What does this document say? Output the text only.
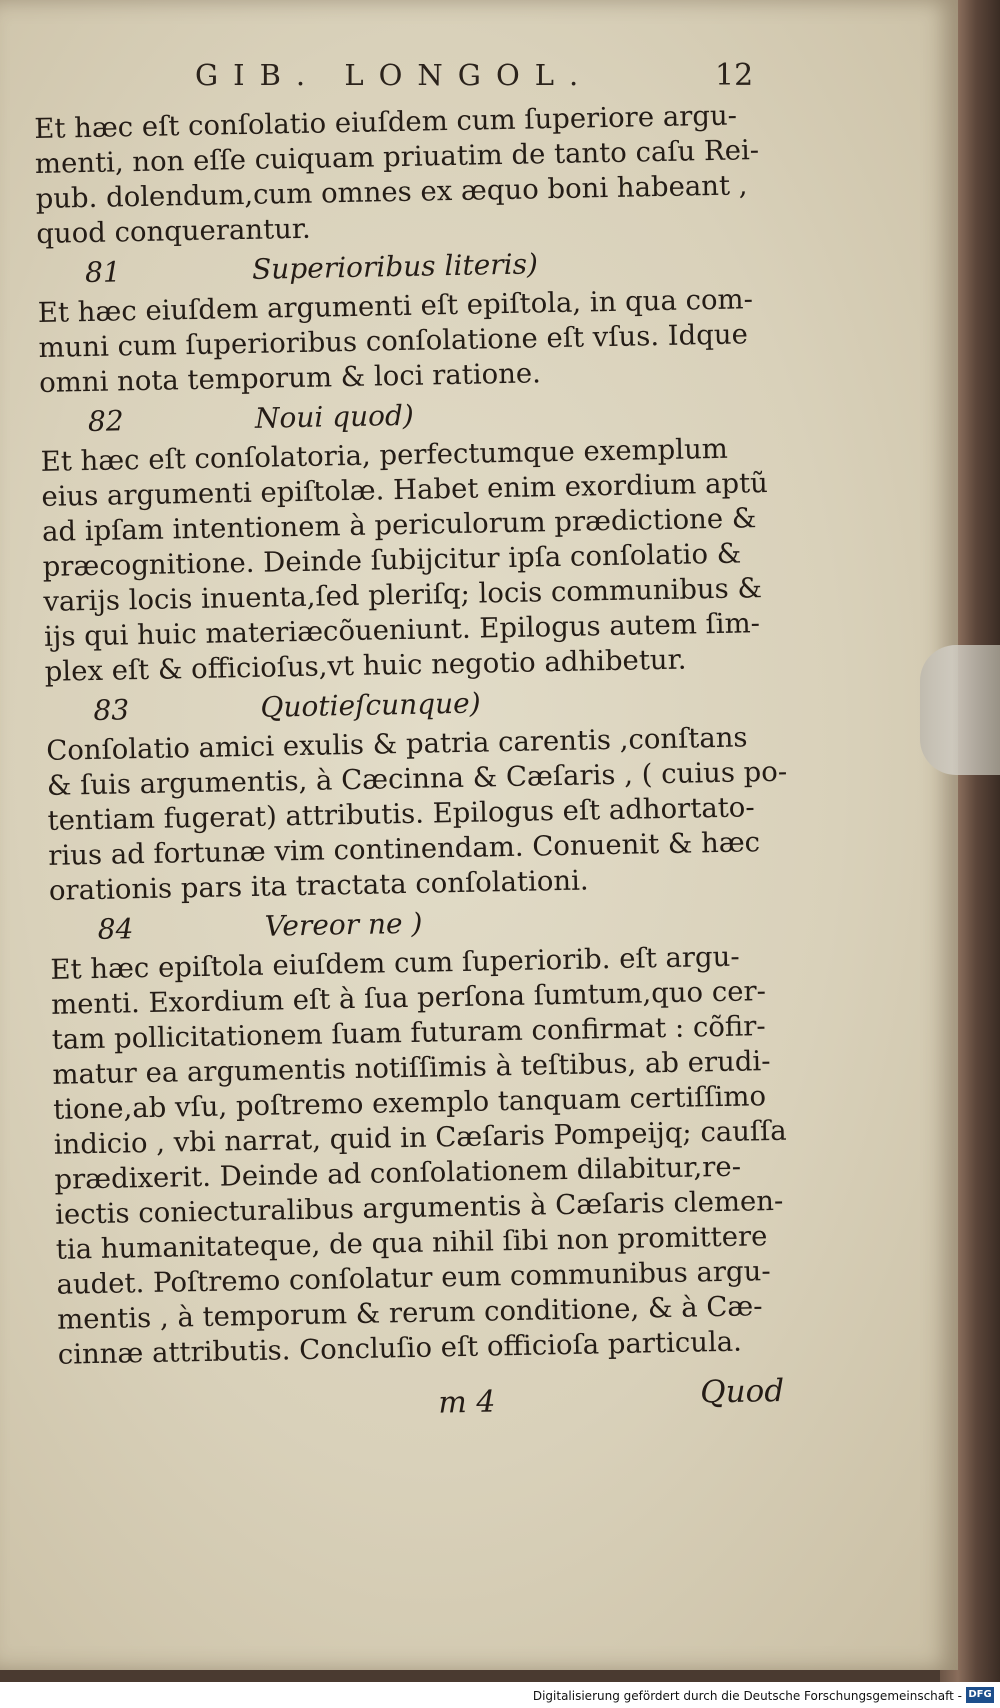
GIB. LONGOL.	12
Et hæc eſt conſolatio eiuſdem cum ſuperiore argu-
menti, non eſſe cuiquam priuatim de tanto caſu Rei-
pub. dolendum,cum omnes ex æquo boni habeant ,
quod conquerantur.
81	Superioribus literis)
Et hæc eiuſdem argumenti eſt epiſtola, in qua com-
muni cum ſuperioribus conſolatione eſt vſus. Idque
omni nota temporum & loci ratione.
82	Noui quod)
Et hæc eſt conſolatoria, perfectumque exemplum
eius argumenti epiſtolæ. Habet enim exordium aptũ
ad ipſam intentionem à periculorum prædictione &
præcognitione. Deinde ſubijcitur ipſa conſolatio &
varijs locis inuenta,ſed pleriſq; locis communibus &
ijs qui huic materiæcõueniunt. Epilogus autem ſim-
plex eſt & officioſus,vt huic negotio adhibetur.
83	Quotieſcunque)
Conſolatio amici exulis & patria carentis ,conſtans
& ſuis argumentis, à Cæcinna & Cæſaris , ( cuius po-
tentiam fugerat) attributis. Epilogus eſt adhortato-
rius ad fortunæ vim continendam. Conuenit & hæc
orationis pars ita tractata conſolationi.
84	Vereor ne )
Et hæc epiſtola eiuſdem cum ſuperiorib. eſt argu-
menti. Exordium eſt à ſua perſona ſumtum,quo cer-
tam pollicitationem ſuam futuram confirmat : cõfir-
matur ea argumentis notiſſimis à teſtibus, ab erudi-
tione,ab vſu, poſtremo exemplo tanquam certiſſimo
indicio , vbi narrat, quid in Cæſaris Pompeijq; cauſſa
prædixerit. Deinde ad conſolationem dilabitur,re-
iectis coniecturalibus argumentis à Cæſaris clemen-
tia humanitateque, de qua nihil ſibi non promittere
audet. Poſtremo conſolatur eum communibus argu-
mentis , à temporum & rerum conditione, & à Cæ-
cinnæ attributis. Concluſio eſt officioſa particula.
m 4	Quod
Digitalisierung gefördert durch die Deutsche Forschungsgemeinschaft - DFG
